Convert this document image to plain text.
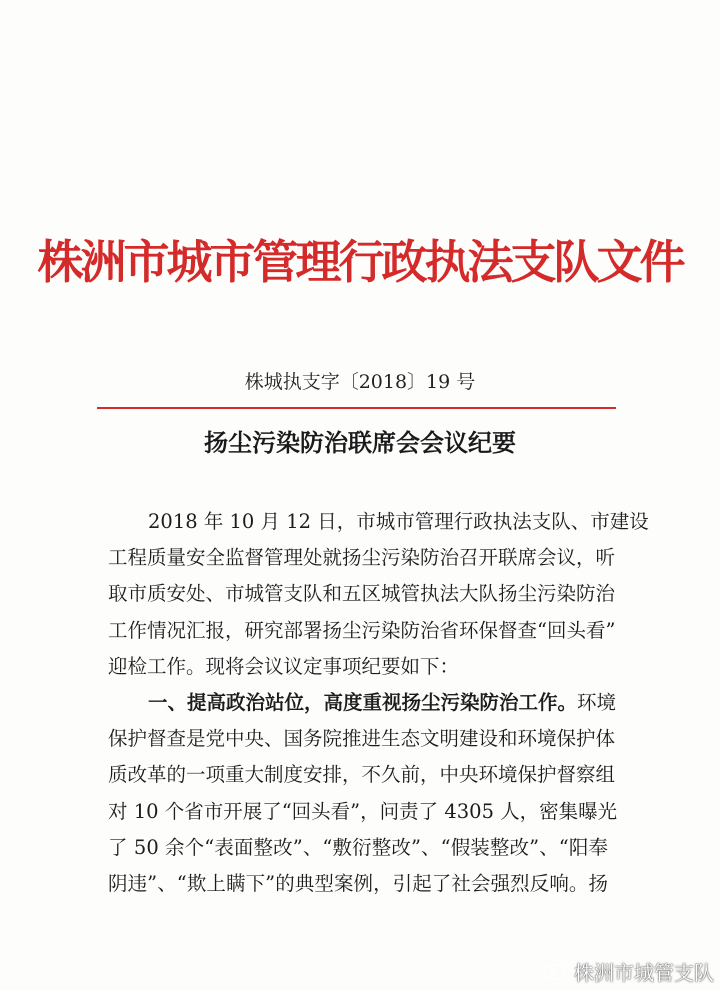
株洲市城市管理行政执法支队文件
株城执支字〔2018〕19 号
扬尘污染防治联席会会议纪要
2018 年 10 月 12 日，市城市管理行政执法支队、市建设
工程质量安全监督管理处就扬尘污染防治召开联席会议，听
取市质安处、市城管支队和五区城管执法大队扬尘污染防治
工作情况汇报，研究部署扬尘污染防治省环保督查“回头看”
迎检工作。现将会议议定事项纪要如下：
一、提高政治站位，高度重视扬尘污染防治工作。环境
保护督查是党中央、国务院推进生态文明建设和环境保护体
质改革的一项重大制度安排，不久前，中央环境保护督察组
对 10 个省市开展了“回头看”，问责了 4305 人，密集曝光
了 50 余个“表面整改”、“敷衍整改”、“假装整改”、“阳奉
阴违”、“欺上瞒下”的典型案例，引起了社会强烈反响。扬
株洲市城管支队
